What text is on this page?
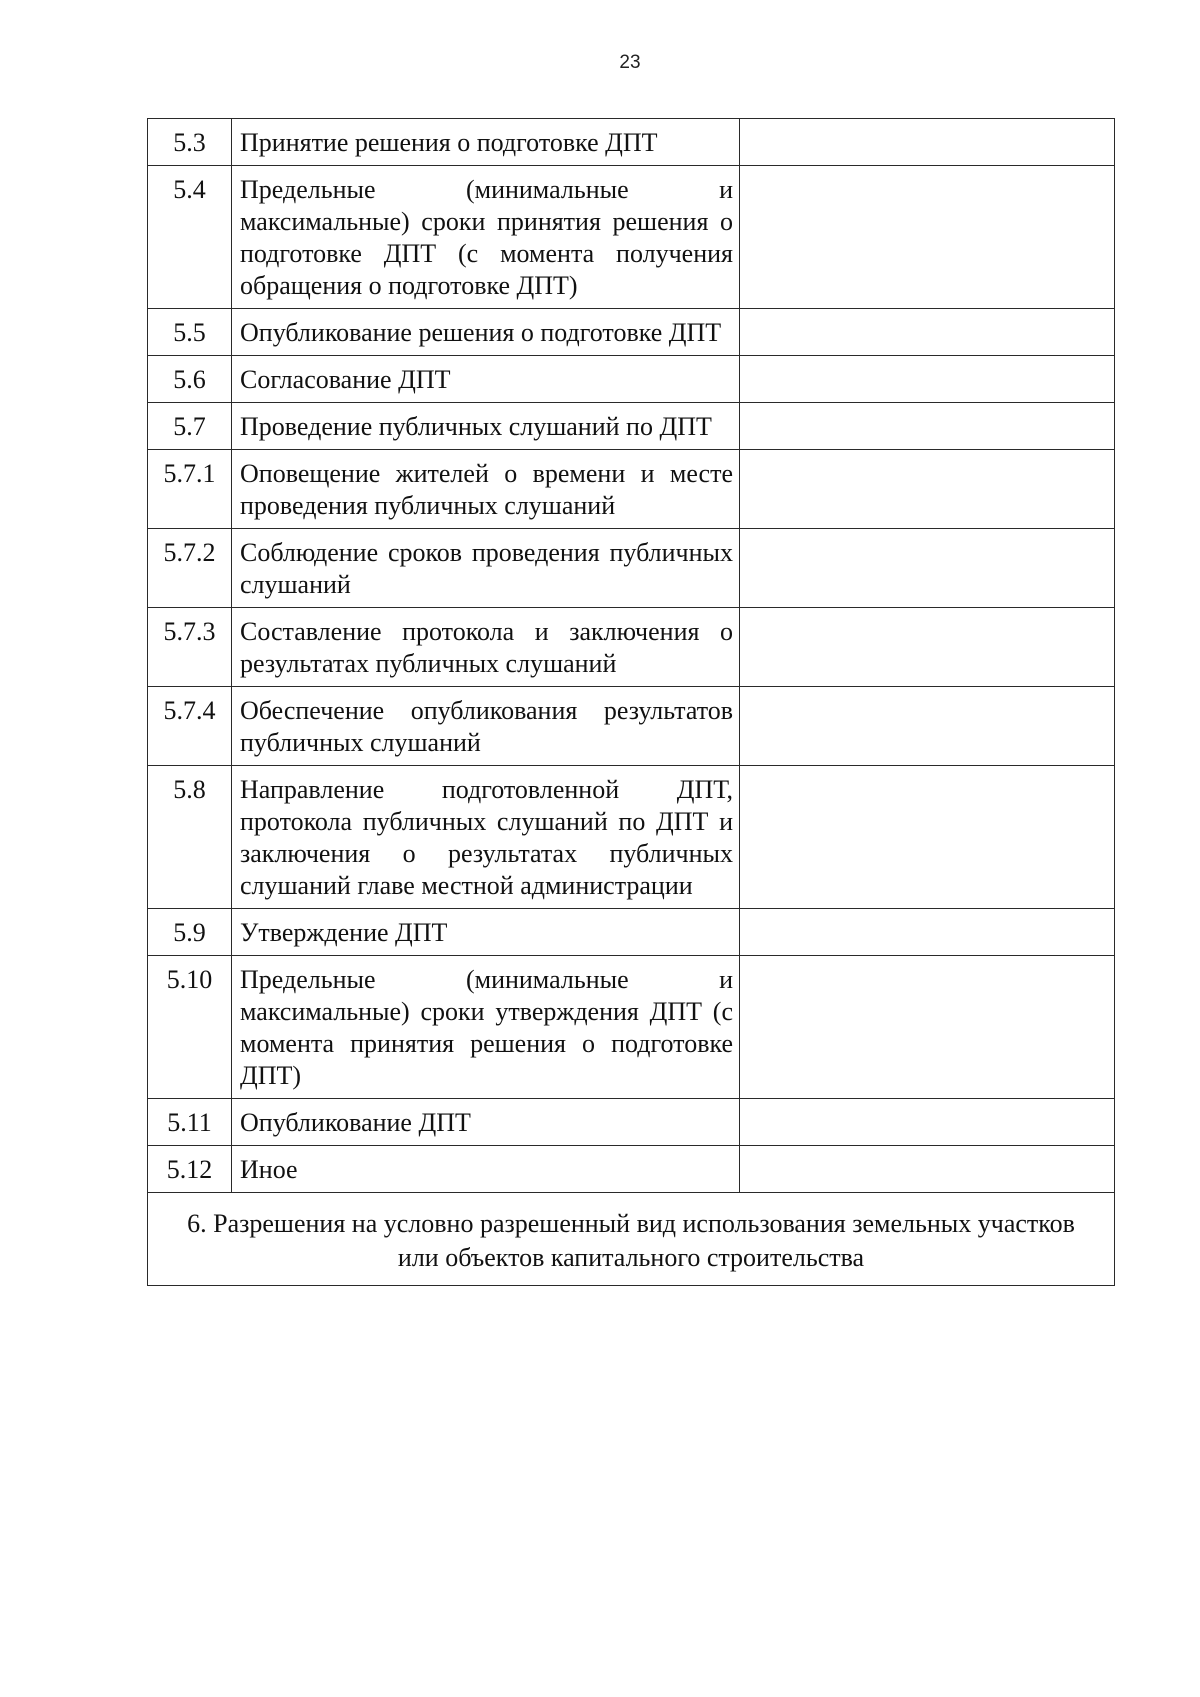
23
5.3	Принятие решения о подготовке ДПТ	
5.4	Предельные (минимальные и максимальные) сроки принятия решения о подготовке ДПТ (с момента получения обращения о подготовке ДПТ)	
5.5	Опубликование решения о подготовке ДПТ	
5.6	Согласование ДПТ	
5.7	Проведение публичных слушаний по ДПТ	
5.7.1	Оповещение жителей о времени и месте проведения публичных слушаний	
5.7.2	Соблюдение сроков проведения публичных слушаний	
5.7.3	Составление протокола и заключения о результатах публичных слушаний	
5.7.4	Обеспечение опубликования результатов публичных слушаний	
5.8	Направление подготовленной ДПТ, протокола публичных слушаний по ДПТ и заключения о результатах публичных слушаний главе местной администрации	
5.9	Утверждение ДПТ	
5.10	Предельные (минимальные и максимальные) сроки утверждения ДПТ (с момента принятия решения о подготовке ДПТ)	
5.11	Опубликование ДПТ	
5.12	Иное	
6. Разрешения на условно разрешенный вид использования земельных участков или объектов капитального строительства		
